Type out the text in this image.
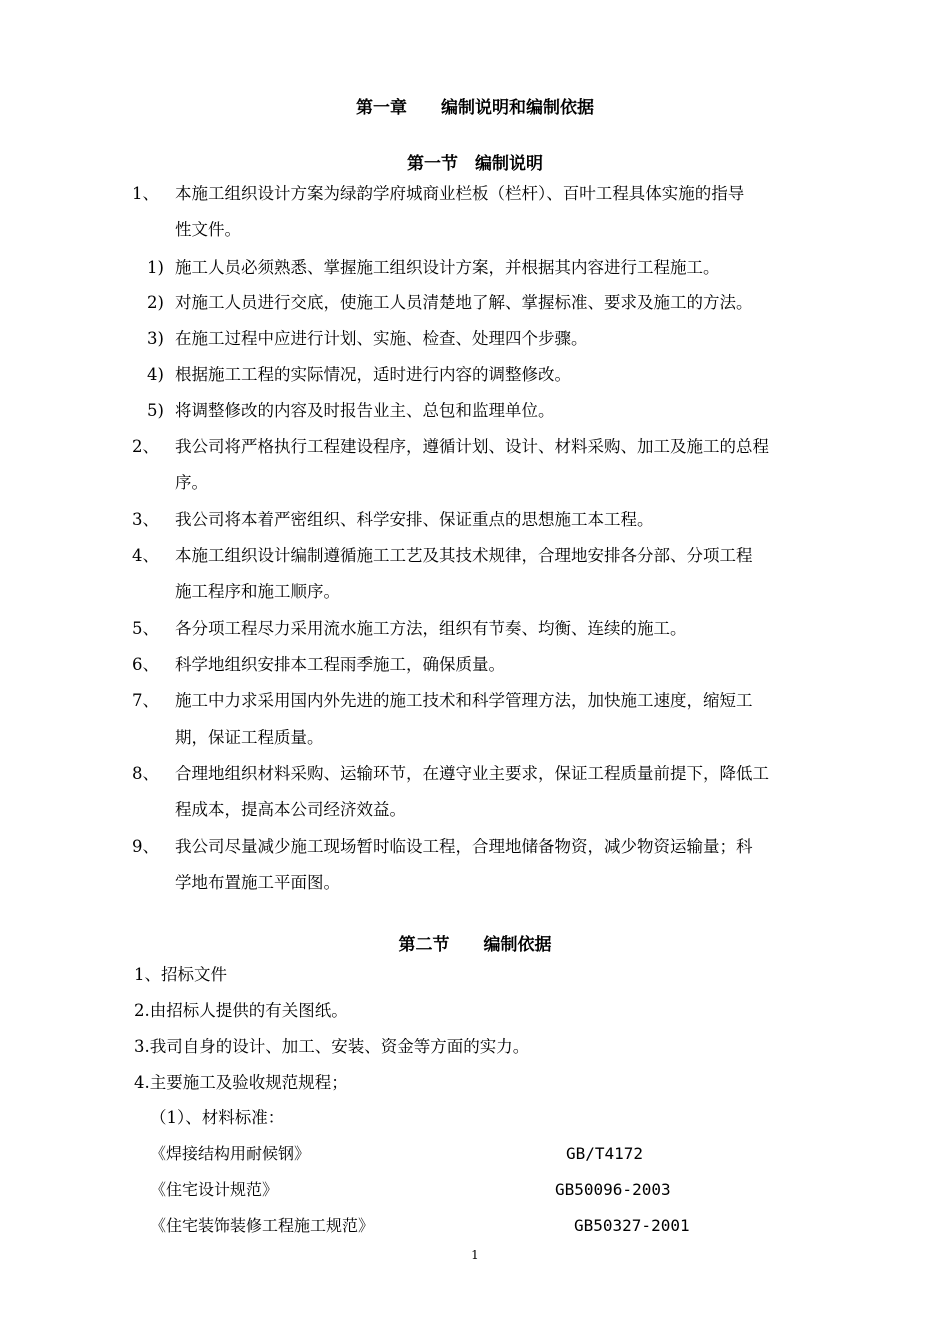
第一章　　编制说明和编制依据
第一节　编制说明
1、 本施工组织设计方案为绿韵学府城商业栏板（栏杆）、百叶工程具体实施的指导
性文件。
1) 施工人员必须熟悉、掌握施工组织设计方案，并根据其内容进行工程施工。
2) 对施工人员进行交底，使施工人员清楚地了解、掌握标准、要求及施工的方法。
3) 在施工过程中应进行计划、实施、检查、处理四个步骤。
4) 根据施工工程的实际情况，适时进行内容的调整修改。
5) 将调整修改的内容及时报告业主、总包和监理单位。
2、 我公司将严格执行工程建设程序，遵循计划、设计、材料采购、加工及施工的总程
序。
3、 我公司将本着严密组织、科学安排、保证重点的思想施工本工程。
4、 本施工组织设计编制遵循施工工艺及其技术规律，合理地安排各分部、分项工程
施工程序和施工顺序。
5、 各分项工程尽力采用流水施工方法，组织有节奏、均衡、连续的施工。
6、 科学地组织安排本工程雨季施工，确保质量。
7、 施工中力求采用国内外先进的施工技术和科学管理方法，加快施工速度，缩短工
期，保证工程质量。
8、 合理地组织材料采购、运输环节，在遵守业主要求，保证工程质量前提下，降低工
程成本，提高本公司经济效益。
9、 我公司尽量减少施工现场暂时临设工程，合理地储备物资，减少物资运输量；科
学地布置施工平面图。
第二节　　编制依据
1、招标文件
2.由招标人提供的有关图纸。
3.我司自身的设计、加工、安装、资金等方面的实力。
4.主要施工及验收规范规程；
（1）、材料标准：
《焊接结构用耐候钢》	GB/T4172
《住宅设计规范》	GB50096-2003
《住宅装饰装修工程施工规范》	GB50327-2001
1
